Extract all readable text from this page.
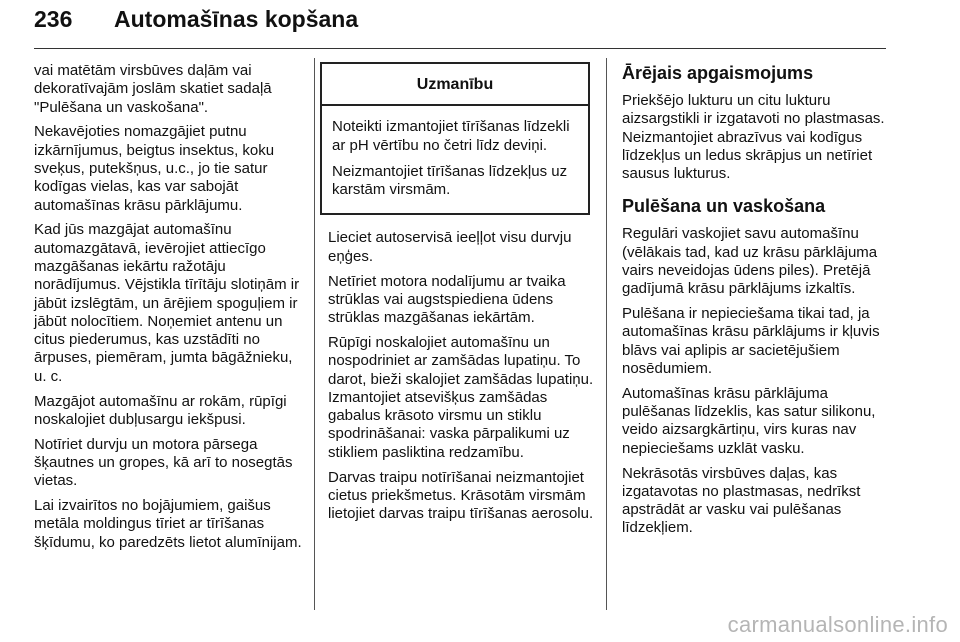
236 Automašīnas kopšana

vai matētām virsbūves daļām vai dekoratīvajām joslām skatiet sadaļā "Pulēšana un vaskošana".

Nekavējoties nomazgājiet putnu izkārnījumus, beigtus insektus, koku sveķus, putekšņus, u.c., jo tie satur kodīgas vielas, kas var sabojāt automašīnas krāsu pārklājumu.

Kad jūs mazgājat automašīnu automazgātavā, ievērojiet attiecīgo mazgāšanas iekārtu ražotāju norādījumus. Vējstikla tīrītāju slotiņām ir jābūt izslēgtām, un ārējiem spoguļiem ir jābūt nolocītiem. Noņemiet antenu un citus piederumus, kas uzstādīti no ārpuses, piemēram, jumta bāgāžnieku, u. c.

Mazgājot automašīnu ar rokām, rūpīgi noskalojiet dubļusargu iekšpusi.

Notīriet durvju un motora pārsega šķautnes un gropes, kā arī to nosegtās vietas.

Lai izvairītos no bojājumiem, gaišus metāla moldingus tīriet ar tīrīšanas šķīdumu, ko paredzēts lietot alumīnijam.

Uzmanību

Noteikti izmantojiet tīrīšanas līdzekli ar pH vērtību no četri līdz deviņi.

Neizmantojiet tīrīšanas līdzekļus uz karstām virsmām.

Lieciet autoservisā ieeļļot visu durvju eņģes.

Netīriet motora nodalījumu ar tvaika strūklas vai augstspiediena ūdens strūklas mazgāšanas iekārtām.

Rūpīgi noskalojiet automašīnu un nospodriniet ar zamšādas lupatiņu. To darot, bieži skalojiet zamšādas lupatiņu. Izmantojiet atsevišķus zamšādas gabalus krāsoto virsmu un stiklu spodrināšanai: vaska pārpalikumi uz stikliem pasliktina redzamību.

Darvas traipu notīrīšanai neizmantojiet cietus priekšmetus. Krāsotām virsmām lietojiet darvas traipu tīrīšanas aerosolu.

Ārējais apgaismojums

Priekšējo lukturu un citu lukturu aizsargstikli ir izgatavoti no plastmasas. Neizmantojiet abrazīvus vai kodīgus līdzekļus un ledus skrāpjus un netīriet sausus lukturus.

Pulēšana un vaskošana

Regulāri vaskojiet savu automašīnu (vēlākais tad, kad uz krāsu pārklājuma vairs neveidojas ūdens piles). Pretējā gadījumā krāsu pārklājums izkaltīs.

Pulēšana ir nepieciešama tikai tad, ja automašīnas krāsu pārklājums ir kļuvis blāvs vai aplipis ar sacietējušiem nosēdumiem.

Automašīnas krāsu pārklājuma pulēšanas līdzeklis, kas satur silikonu, veido aizsargkārtiņu, virs kuras nav nepieciešams uzklāt vasku.

Nekrāsotās virsbūves daļas, kas izgatavotas no plastmasas, nedrīkst apstrādāt ar vasku vai pulēšanas līdzekļiem.

carmanualsonline.info
